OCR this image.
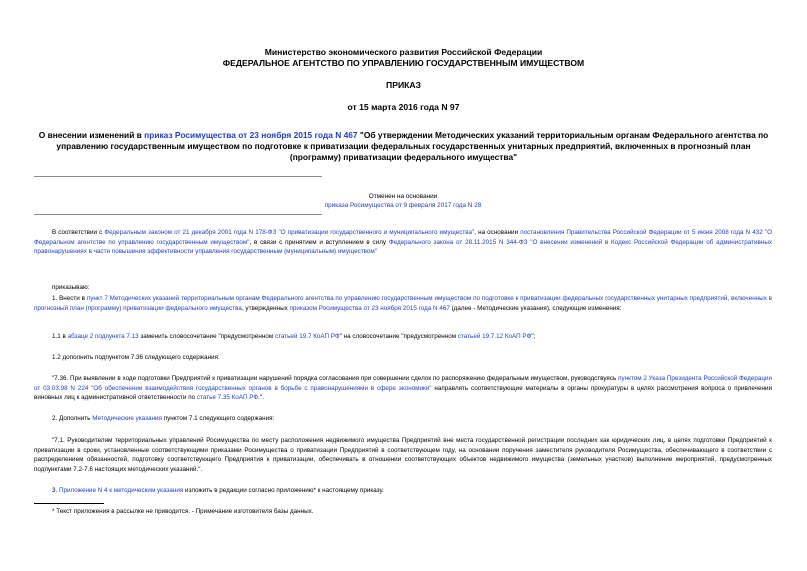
Министерство экономического развития Российской Федерации
ФЕДЕРАЛЬНОЕ АГЕНТСТВО ПО УПРАВЛЕНИЮ ГОСУДАРСТВЕННЫМ ИМУЩЕСТВОМ
ПРИКАЗ
от 15 марта 2016 года N 97
О внесении изменений в приказ Росимущества от 23 ноября 2015 года N 467 "Об утверждении Методических указаний территориальным органам Федерального агентства по управлению государственным имуществом по подготовке к приватизации федеральных государственных унитарных предприятий, включенных в прогнозный план (программу) приватизации федерального имущества"
Отменен на основании
приказа Росимущества от 9 февраля 2017 года N 28
В соответствии с Федеральным законом от 21 декабря 2001 года N 178-ФЗ "О приватизации государственного и муниципального имущества", на основании постановления Правительства Российской Федерации от 5 июня 2008 года N 432 "О Федеральном агентстве по управлению государственным имуществом", в связи с принятием и вступлением в силу Федерального закона от 28.11.2015 N 344-ФЗ "О внесении изменений в Кодекс Российской Федерации об административных правонарушениях в части повышения эффективности управления государственным (муниципальным) имуществом"
приказываю:
1. Внести в пункт 7 Методических указаний территориальным органам Федерального агентства по управлению государственным имуществом по подготовке к приватизации федеральных государственных унитарных предприятий, включенных в прогнозный план (программу) приватизации федерального имущества, утвержденных приказом Росимущества от 23 ноября 2015 года N 467 (далее - Методические указания), следующие изменения:
1.1 в абзаце 2 подпункта 7.13 заменить словосочетание "предусмотренном статьей 19.7 КоАП РФ" на словосочетание "предусмотренном статьей 19.7.12 КоАП РФ";
1.2 дополнить подпунктом 7.36 следующего содержания:
"7.36. При выявлении в ходе подготовки Предприятий к приватизации нарушений порядка согласования при совершении сделок по распоряжению федеральным имуществом, руководствуясь пунктом 2 Указа Президента Российской Федерации от 03.03.98 N 224 "Об обеспечении взаимодействия государственных органов в борьбе с правонарушениями в сфере экономики" направлять соответствующие материалы в органы прокуратуры в целях рассмотрения вопроса о привлечении виновных лиц к административной ответственности по статье 7.35 КоАП РФ.".
2. Дополнить Методические указания пунктом 7.1 следующего содержания:
"7.1. Руководителям территориальных управлений Росимущества по месту расположения недвижимого имущества Предприятий вне места государственной регистрации последних как юридических лиц, в целях подготовки Предприятий к приватизации в сроки, установленные соответствующими приказами Росимущества о приватизации Предприятий в соответствующем году, на основании поручения заместителя руководителя Росимущества, обеспечивающего в соответствии с распределением обязанностей, подготовку соответствующего Предприятия к приватизации, обеспечивать в отношении соответствующих объектов недвижимого имущества (земельных участков) выполнение мероприятий, предусмотренных подпунктами 7.2-7.6 настоящих методических указаний.".
3. Приложение N 4 к методическим указания изложить в редакции согласно приложению* к настоящему приказу.
* Текст приложения в рассылке не приводится. - Примечание изготовителя базы данных.
